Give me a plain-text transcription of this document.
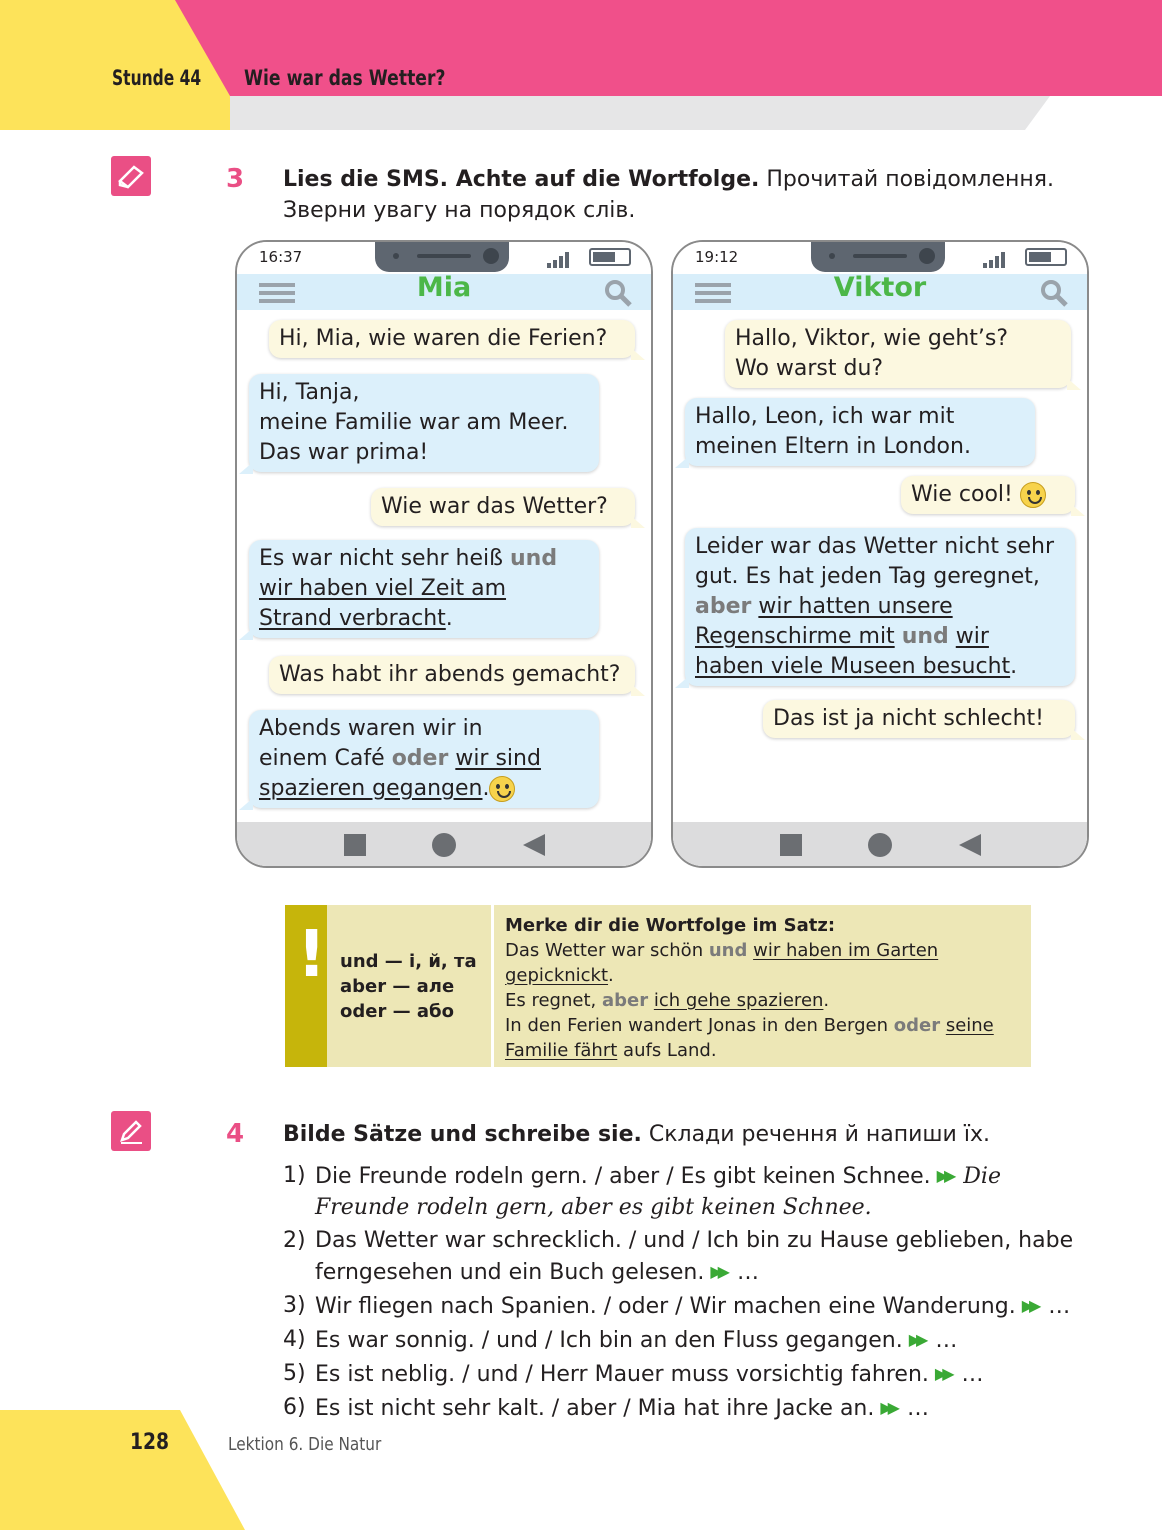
Stunde 44 Wie war das Wetter?
3 Lies die SMS. Achte auf die Wortfolge. Прочитай повідомлення.
Зверни увагу на порядок слів.
16:37
Mia
Hi, Mia, wie waren die Ferien?
Hi, Tanja,
meine Familie war am Meer.
Das war prima!
Wie war das Wetter?
Es war nicht sehr heiß und
wir haben viel Zeit am
Strand verbracht.
Was habt ihr abends gemacht?
Abends waren wir in
einem Café oder wir sind
spazieren gegangen.
19:12
Viktor
Hallo, Viktor, wie geht’s?
Wo warst du?
Hallo, Leon, ich war mit
meinen Eltern in London.
Wie cool!
Leider war das Wetter nicht sehr
gut. Es hat jeden Tag geregnet,
aber wir hatten unsere
Regenschirme mit und wir
haben viele Museen besucht.
Das ist ja nicht schlecht!
! und — і, й, та
aber — але
oder — або
Merke dir die Wortfolge im Satz:
Das Wetter war schön und wir haben im Garten
gepicknickt.
Es regnet, aber ich gehe spazieren.
In den Ferien wandert Jonas in den Bergen oder seine
Familie fährt aufs Land.
4 Bilde Sätze und schreibe sie. Склади речення й напиши їх.
1) Die Freunde rodeln gern. / aber / Es gibt keinen Schnee. ▶▶ Die
Freunde rodeln gern, aber es gibt keinen Schnee.
2) Das Wetter war schrecklich. / und / Ich bin zu Hause geblieben, habe
ferngesehen und ein Buch gelesen. ▶▶ …
3) Wir fliegen nach Spanien. / oder / Wir machen eine Wanderung. ▶▶ …
4) Es war sonnig. / und / Ich bin an den Fluss gegangen. ▶▶ …
5) Es ist neblig. / und / Herr Mauer muss vorsichtig fahren. ▶▶ …
6) Es ist nicht sehr kalt. / aber / Mia hat ihre Jacke an. ▶▶ …
128	Lektion 6. Die Natur
